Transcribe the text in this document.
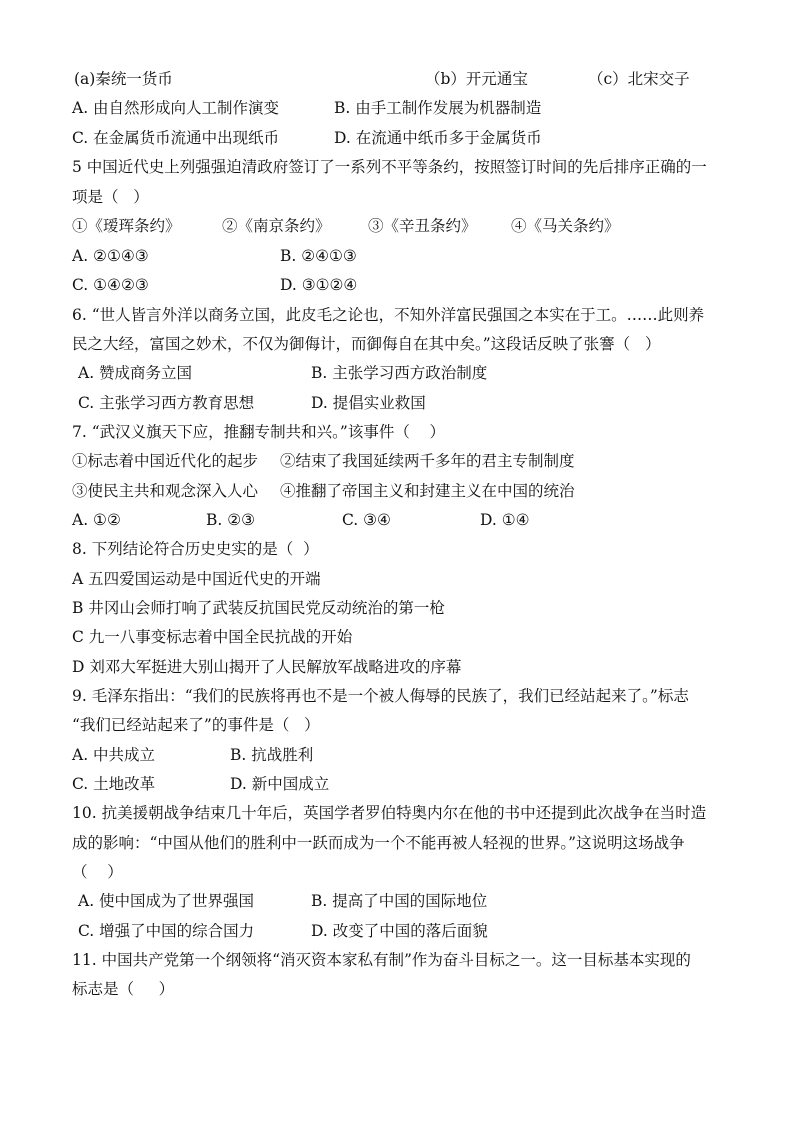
(a)秦统一货币	（b）开元通宝	（c）北宋交子
A. 由自然形成向人工制作演变	B. 由手工制作发展为机器制造
C. 在金属货币流通中出现纸币	D. 在流通中纸币多于金属货币
5 中国近代史上列强强迫清政府签订了一系列不平等条约，按照签订时间的先后排序正确的一
项是（   ）
①《瑷珲条约》	②《南京条约》 ③《辛丑条约》 ④《马关条约》
A. ②①④③	B. ②④①③
C. ①④②③	D. ③①②④
6. “世人皆言外洋以商务立国，此皮毛之论也，不知外洋富民强国之本实在于工。……此则养
民之大经，富国之妙术，不仅为御侮计，而御侮自在其中矣。”这段话反映了张謇（   ）
A. 赞成商务立国	B. 主张学习西方政治制度
C. 主张学习西方教育思想	D. 提倡实业救国
7. “武汉义旗天下应，推翻专制共和兴。”该事件（    ）
①标志着中国近代化的起步 ②结束了我国延续两千多年的君主专制制度
③使民主共和观念深入人心 ④推翻了帝国主义和封建主义在中国的统治
A. ①②	B. ②③	C. ③④	D. ①④
8. 下列结论符合历史史实的是（  ）
A 五四爱国运动是中国近代史的开端
B 井冈山会师打响了武装反抗国民党反动统治的第一枪
C 九一八事变标志着中国全民抗战的开始
D 刘邓大军挺进大别山揭开了人民解放军战略进攻的序幕
9. 毛泽东指出：“我们的民族将再也不是一个被人侮辱的民族了，我们已经站起来了。”标志
“我们已经站起来了”的事件是（   ）
A. 中共成立	B. 抗战胜利
C. 土地改革	D. 新中国成立
10. 抗美援朝战争结束几十年后，英国学者罗伯特奥内尔在他的书中还提到此次战争在当时造
成的影响：“中国从他们的胜利中一跃而成为一个不能再被人轻视的世界。”这说明这场战争
（    ）
A. 使中国成为了世界强国	B. 提高了中国的国际地位
C. 增强了中国的综合国力	D. 改变了中国的落后面貌
11. 中国共产党第一个纲领将“消灭资本家私有制”作为奋斗目标之一。这一目标基本实现的
标志是（     ）
